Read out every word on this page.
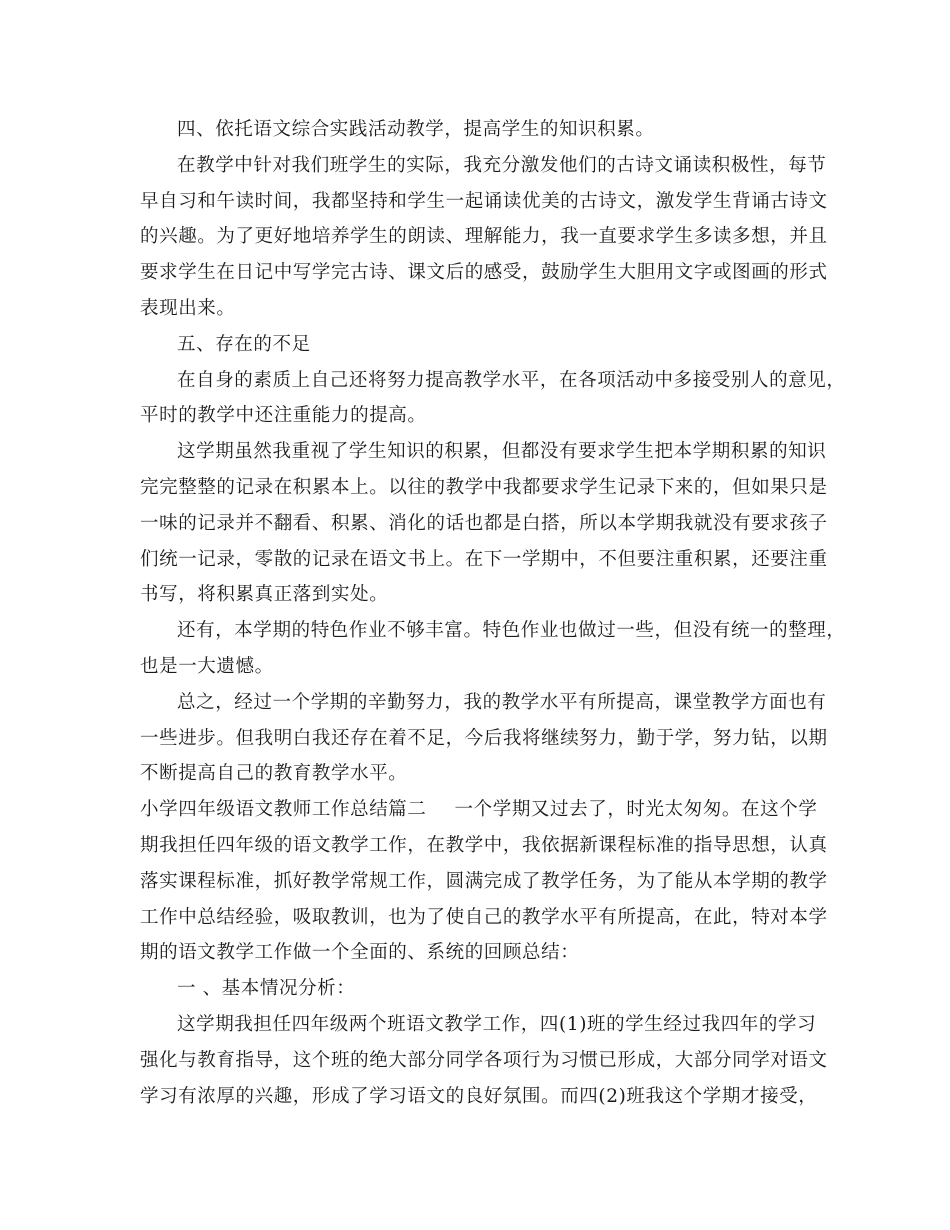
四、依托语文综合实践活动教学，提高学生的知识积累。
在教学中针对我们班学生的实际，我充分激发他们的古诗文诵读积极性，每节
早自习和午读时间，我都坚持和学生一起诵读优美的古诗文，激发学生背诵古诗文
的兴趣。为了更好地培养学生的朗读、理解能力，我一直要求学生多读多想，并且
要求学生在日记中写学完古诗、课文后的感受，鼓励学生大胆用文字或图画的形式
表现出来。
五、存在的不足
在自身的素质上自己还将努力提高教学水平，在各项活动中多接受别人的意见，
平时的教学中还注重能力的提高。
这学期虽然我重视了学生知识的积累，但都没有要求学生把本学期积累的知识
完完整整的记录在积累本上。以往的教学中我都要求学生记录下来的，但如果只是
一味的记录并不翻看、积累、消化的话也都是白搭，所以本学期我就没有要求孩子
们统一记录，零散的记录在语文书上。在下一学期中，不但要注重积累，还要注重
书写，将积累真正落到实处。
还有，本学期的特色作业不够丰富。特色作业也做过一些，但没有统一的整理，
也是一大遗憾。
总之，经过一个学期的辛勤努力，我的教学水平有所提高，课堂教学方面也有
一些进步。但我明白我还存在着不足，今后我将继续努力，勤于学，努力钻，以期
不断提高自己的教育教学水平。
小学四年级语文教师工作总结篇二 一个学期又过去了，时光太匆匆。在这个学
期我担任四年级的语文教学工作，在教学中，我依据新课程标准的指导思想，认真
落实课程标准，抓好教学常规工作，圆满完成了教学任务，为了能从本学期的教学
工作中总结经验，吸取教训，也为了使自己的教学水平有所提高，在此，特对本学
期的语文教学工作做一个全面的、系统的回顾总结：
一 、基本情况分析：
这学期我担任四年级两个班语文教学工作，四(1)班的学生经过我四年的学习
强化与教育指导，这个班的绝大部分同学各项行为习惯已形成，大部分同学对语文
学习有浓厚的兴趣，形成了学习语文的良好氛围。而四(2)班我这个学期才接受，
